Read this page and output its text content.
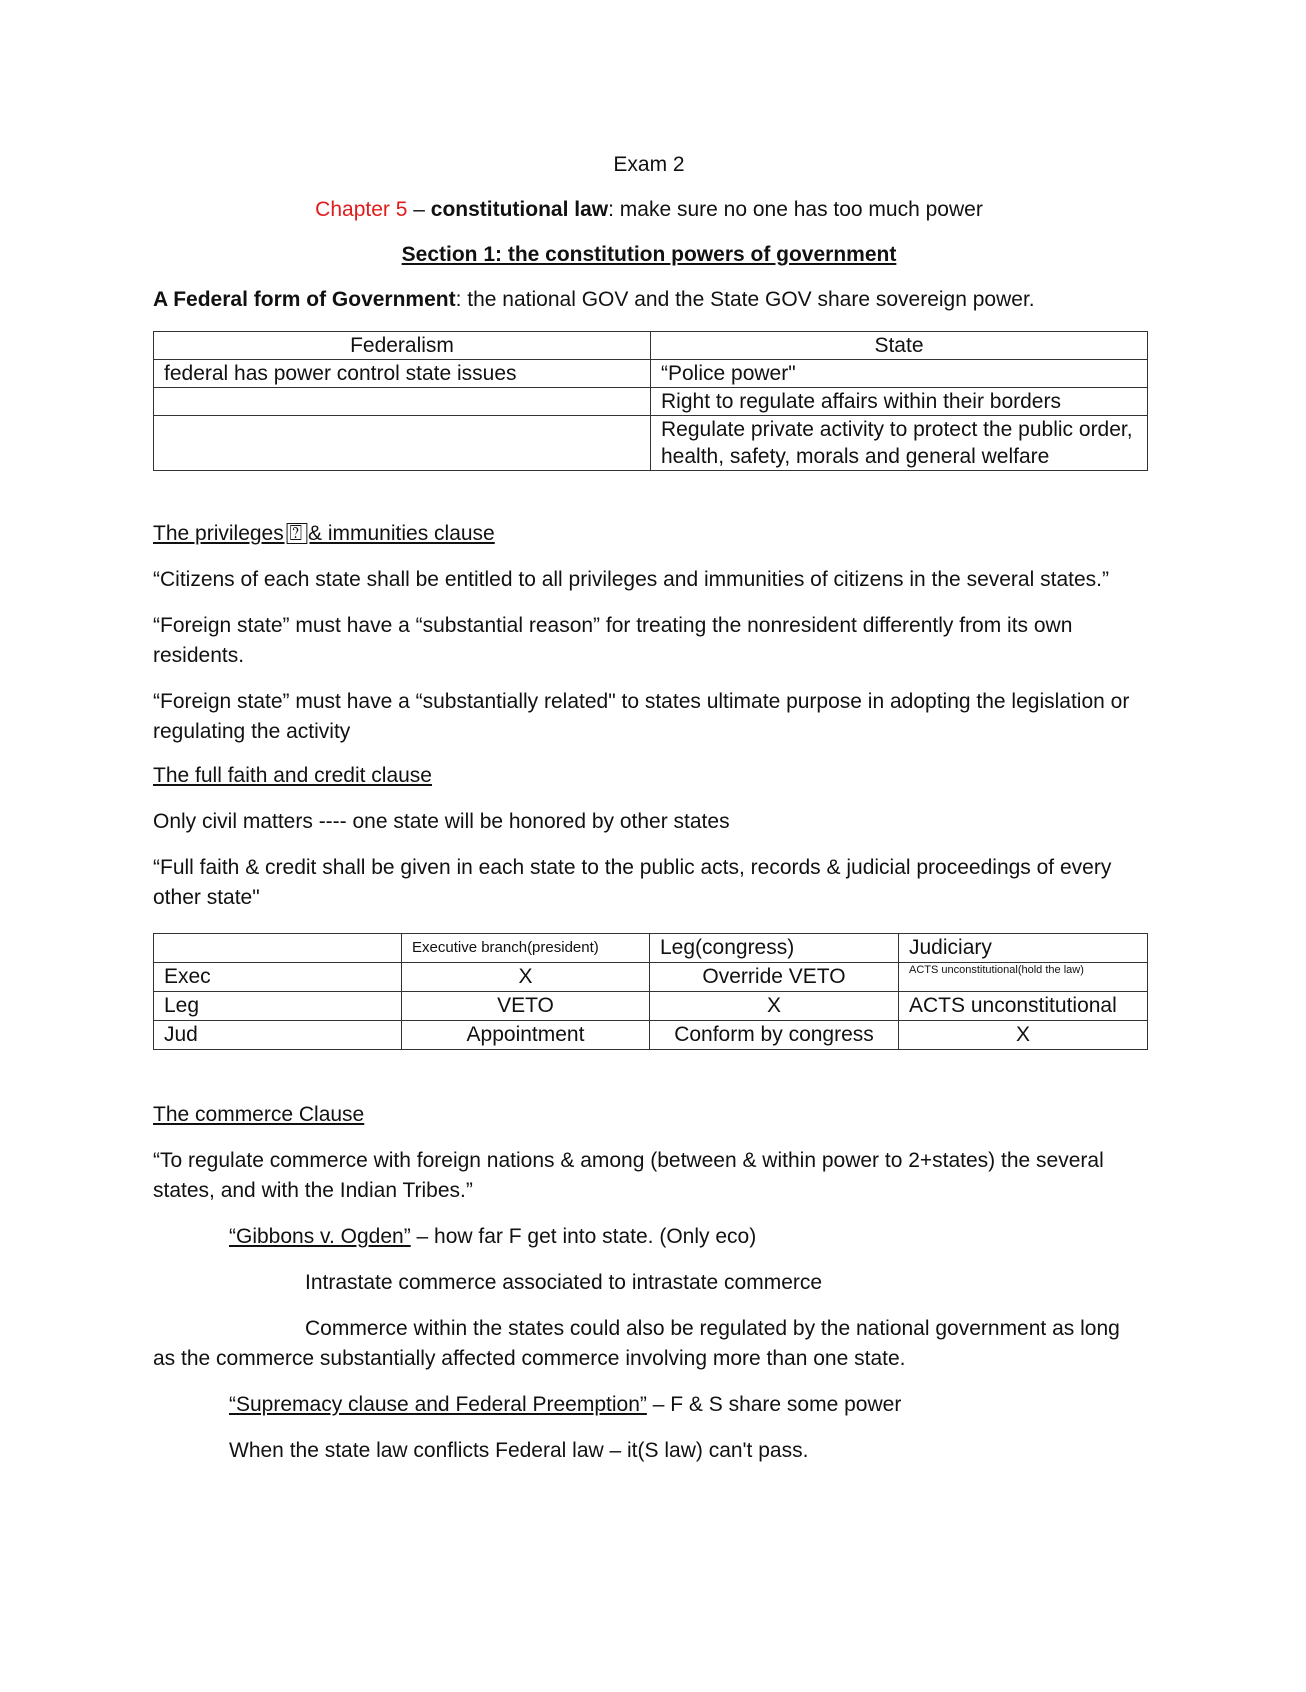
Exam 2

Chapter 5 – constitutional law: make sure no one has too much power

Section 1: the constitution powers of government

A Federal form of Government: the national GOV and the State GOV share sovereign power.

Federalism	State
federal has power control state issues	“Police power"
	Right to regulate affairs within their borders
	Regulate private activity to protect the public order, health, safety, morals and general welfare

The privileges ⍰⃞ & immunities clause

“Citizens of each state shall be entitled to all privileges and immunities of citizens in the several states.”

“Foreign state” must have a “substantial reason” for treating the nonresident differently from its own residents.

“Foreign state” must have a “substantially related" to states ultimate purpose in adopting the legislation or regulating the activity

The full faith and credit clause

Only civil matters ---- one state will be honored by other states

“Full faith & credit shall be given in each state to the public acts, records & judicial proceedings of every other state"

	Executive branch(president)	Leg(congress)	Judiciary
Exec	X	Override VETO	ACTS unconstitutional(hold the law)
Leg	VETO	X	ACTS unconstitutional
Jud	Appointment	Conform by congress	X

The commerce Clause

“To regulate commerce with foreign nations & among (between & within power to 2+states) the several states, and with the Indian Tribes.”

“Gibbons v. Ogden” – how far F get into state. (Only eco)

Intrastate commerce associated to intrastate commerce

Commerce within the states could also be regulated by the national government as long as the commerce substantially affected commerce involving more than one state.

“Supremacy clause and Federal Preemption” – F & S share some power

When the state law conflicts Federal law – it(S law) can't pass.
